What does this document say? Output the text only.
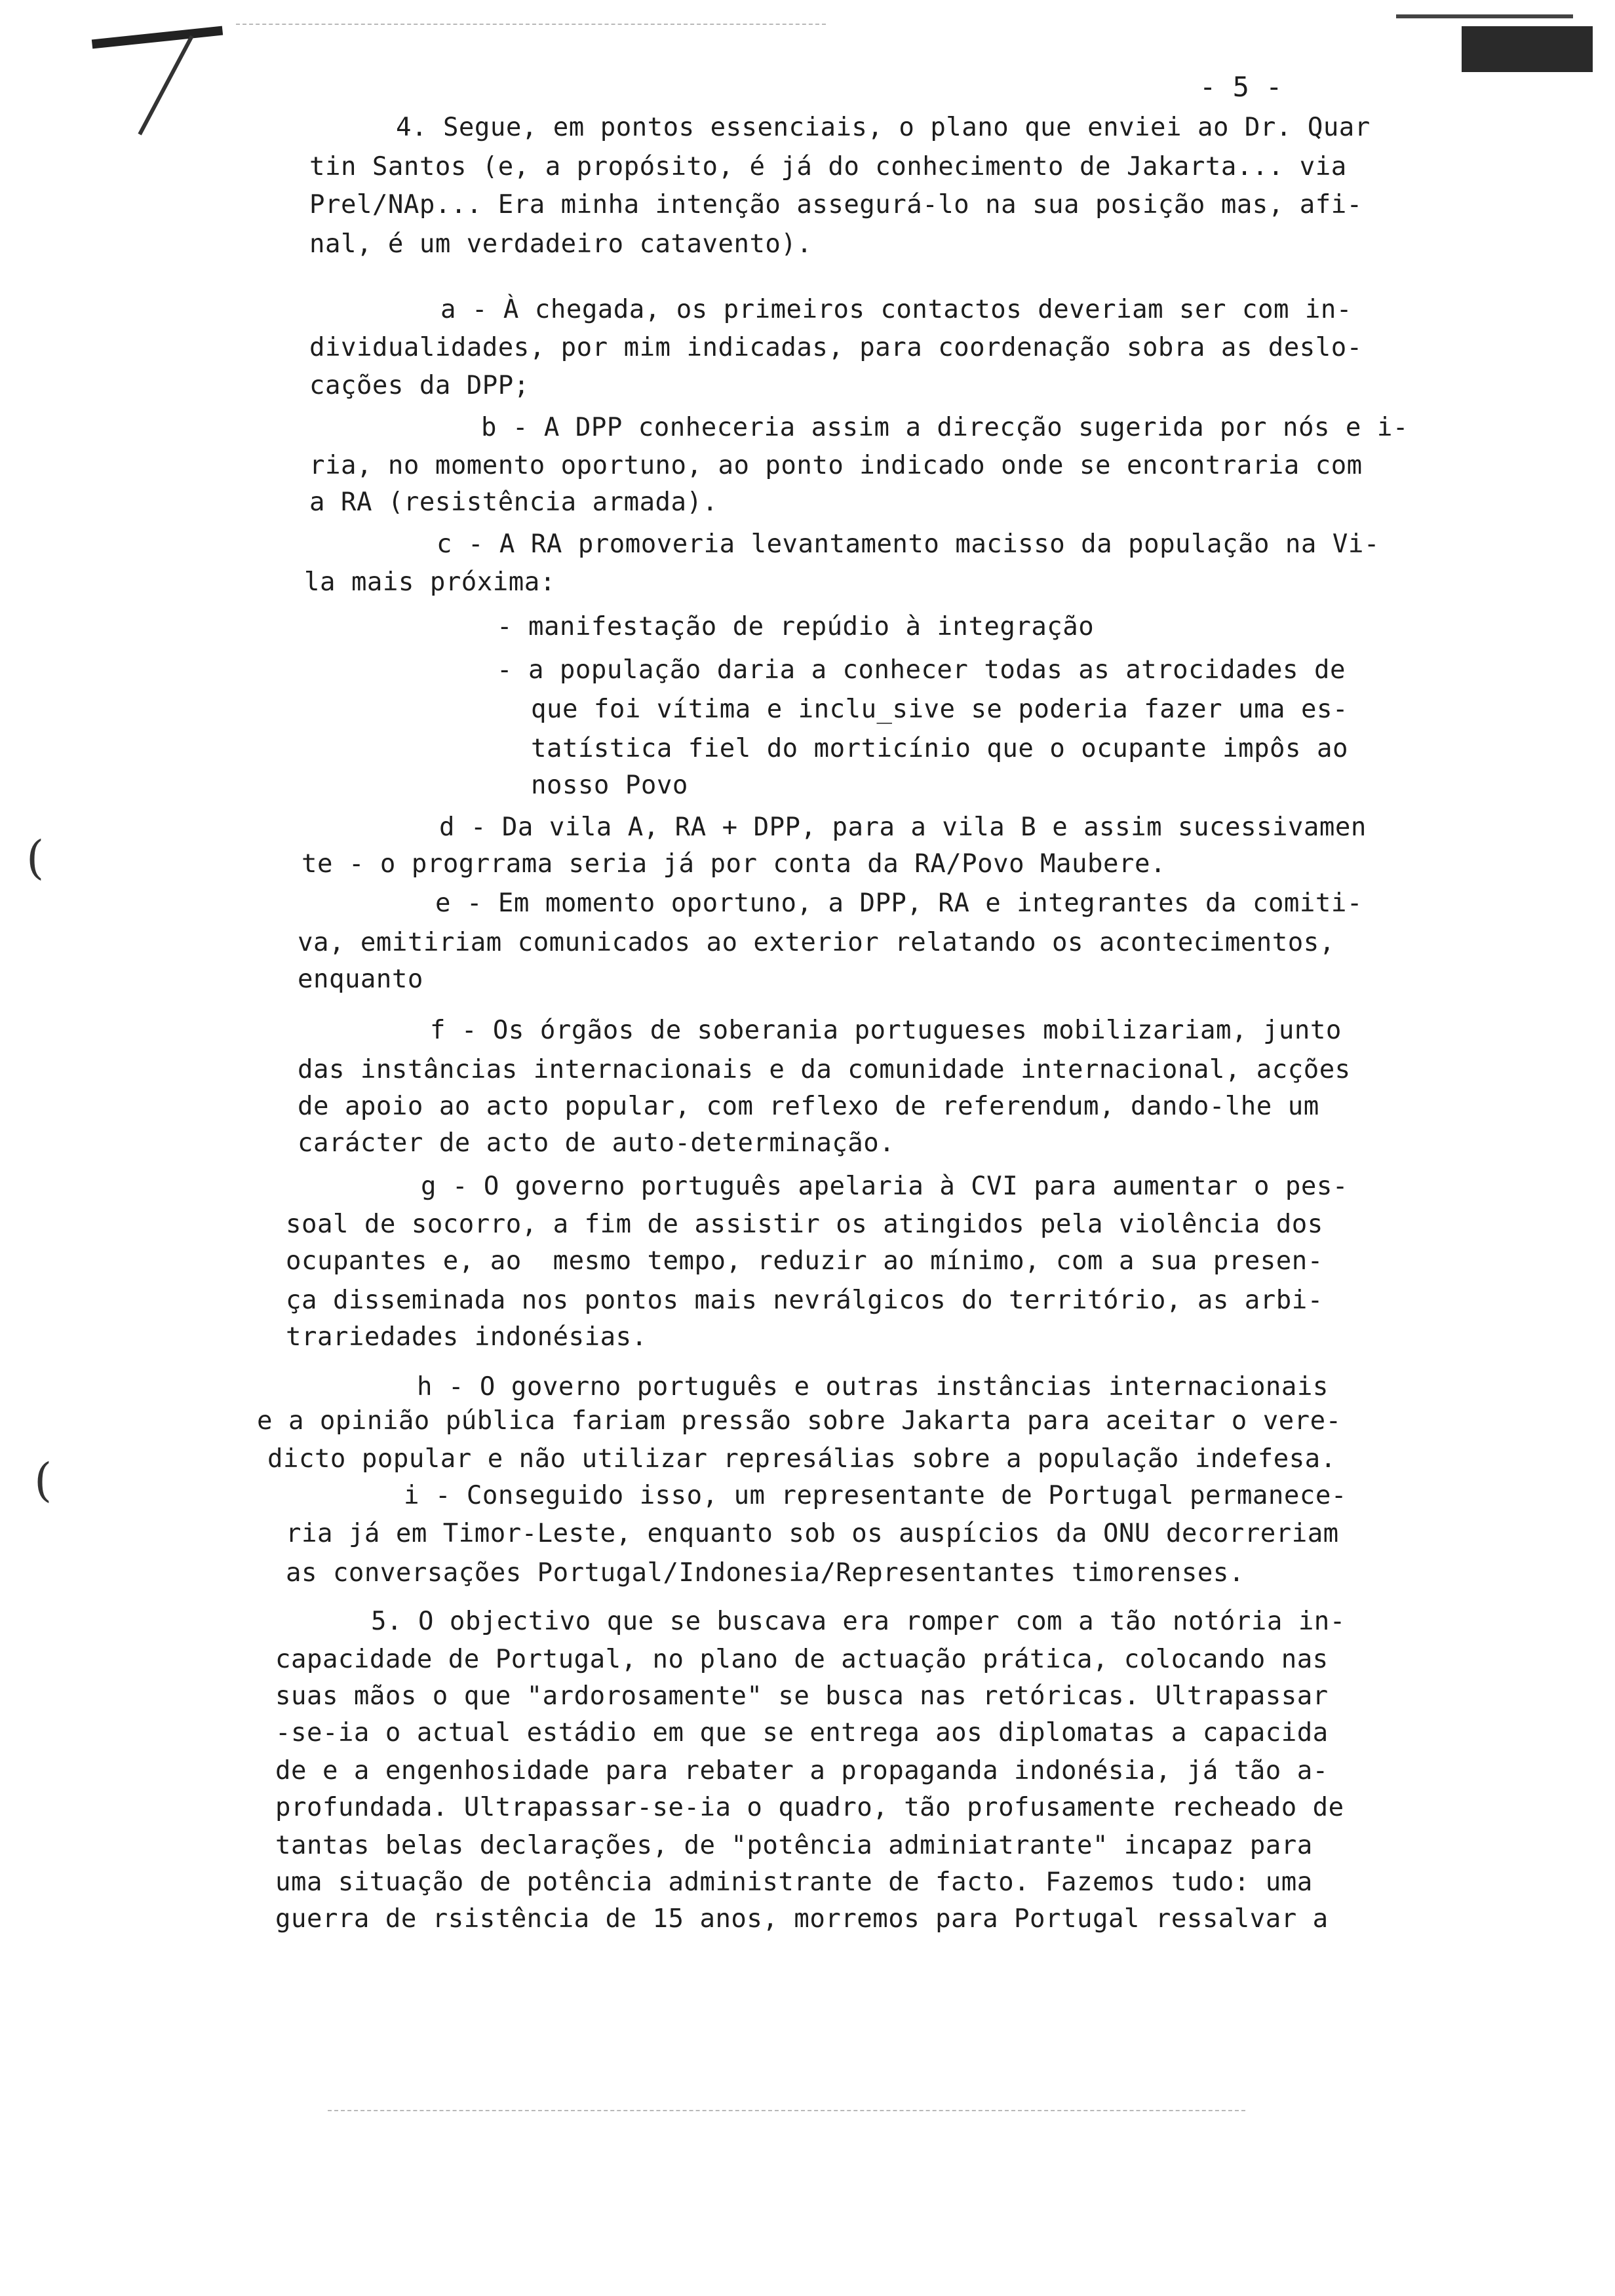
(
(
- 5 -
4. Segue, em pontos essenciais, o plano que enviei ao Dr. Quar
tin Santos (e, a propósito, é já do conhecimento de Jakarta... via
Prel/NAp... Era minha intenção assegurá-lo na sua posição mas, afi-
nal, é um verdadeiro catavento).
a - À chegada, os primeiros contactos deveriam ser com in-
dividualidades, por mim indicadas, para coordenação sobra as deslo-
cações da DPP;
b - A DPP conheceria assim a direcção sugerida por nós e i-
ria, no momento oportuno, ao ponto indicado onde se encontraria com
a RA (resistência armada).
c - A RA promoveria levantamento macisso da população na Vi-
la mais próxima:
- manifestação de repúdio à integração
- a população daria a conhecer todas as atrocidades de
que foi vítima e inclu_sive se poderia fazer uma es-
tatística fiel do morticínio que o ocupante impôs ao
nosso Povo
d - Da vila A, RA + DPP, para a vila B e assim sucessivamen
te - o progrrama seria já por conta da RA/Povo Maubere.
e - Em momento oportuno, a DPP, RA e integrantes da comiti-
va, emitiriam comunicados ao exterior relatando os acontecimentos,
enquanto
f - Os órgãos de soberania portugueses mobilizariam, junto
das instâncias internacionais e da comunidade internacional, acções
de apoio ao acto popular, com reflexo de referendum, dando-lhe um
carácter de acto de auto-determinação.
g - O governo português apelaria à CVI para aumentar o pes-
soal de socorro, a fim de assistir os atingidos pela violência dos
ocupantes e, ao  mesmo tempo, reduzir ao mínimo, com a sua presen-
ça disseminada nos pontos mais nevrálgicos do território, as arbi-
trariedades indonésias.
h - O governo português e outras instâncias internacionais
e a opinião pública fariam pressão sobre Jakarta para aceitar o vere-
dicto popular e não utilizar represálias sobre a população indefesa.
i - Conseguido isso, um representante de Portugal permanece-
ria já em Timor-Leste, enquanto sob os auspícios da ONU decorreriam
as conversações Portugal/Indonesia/Representantes timorenses.
5. O objectivo que se buscava era romper com a tão notória in-
capacidade de Portugal, no plano de actuação prática, colocando nas
suas mãos o que "ardorosamente" se busca nas retóricas. Ultrapassar
-se-ia o actual estádio em que se entrega aos diplomatas a capacida
de e a engenhosidade para rebater a propaganda indonésia, já tão a-
profundada. Ultrapassar-se-ia o quadro, tão profusamente recheado de
tantas belas declarações, de "potência adminiatrante" incapaz para
uma situação de potência administrante de facto. Fazemos tudo: uma
guerra de rsistência de 15 anos, morremos para Portugal ressalvar a
